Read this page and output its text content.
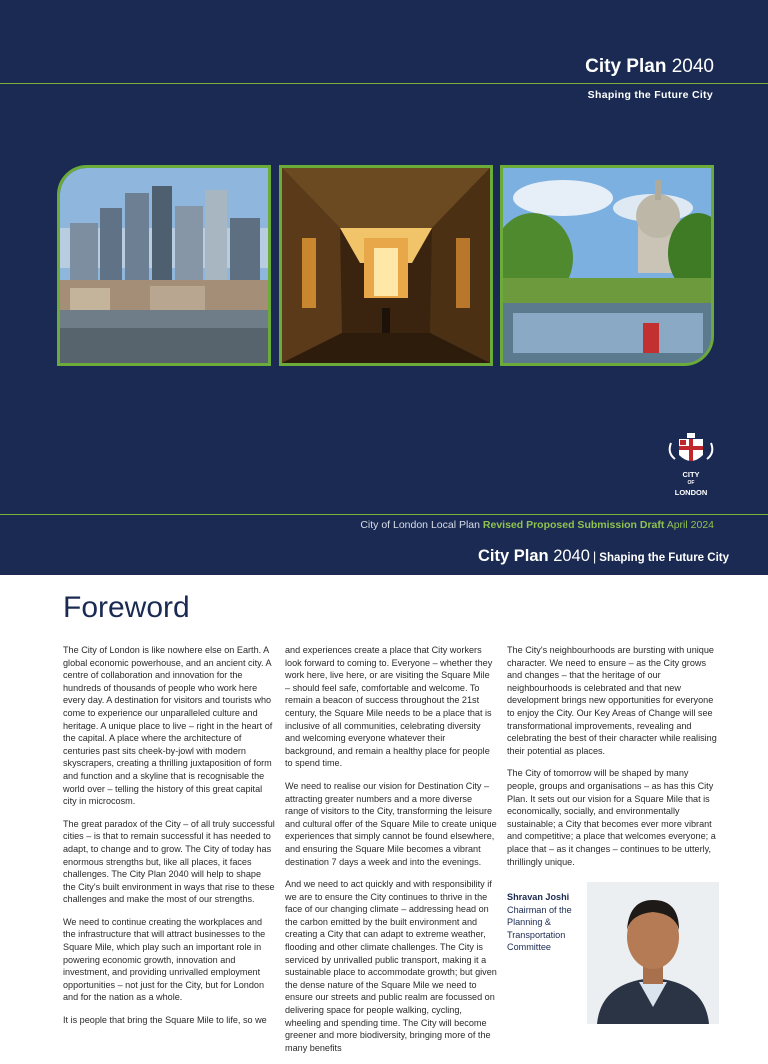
City Plan 2040
Shaping the Future City
CITY
OF
LONDON
City of London Local Plan Revised Proposed Submission Draft April 2024
City Plan 2040 | Shaping the Future City
Foreword

The City of London is like nowhere else on Earth. A global economic powerhouse, and an ancient city. A centre of collaboration and innovation for the hundreds of thousands of people who work here every day. A destination for visitors and tourists who come to experience our unparalleled culture and heritage. A unique place to live – right in the heart of the capital. A place where the architecture of centuries past sits cheek-by-jowl with modern skyscrapers, creating a thrilling juxtaposition of form and function and a skyline that is recognisable the world over – telling the history of this great capital city in microcosm.

The great paradox of the City – of all truly successful cities – is that to remain successful it has needed to adapt, to change and to grow. The City of today has enormous strengths but, like all places, it faces challenges. The City Plan 2040 will help to shape the City's built environment in ways that rise to these challenges and make the most of our strengths.

We need to continue creating the workplaces and the infrastructure that will attract businesses to the Square Mile, which play such an important role in powering economic growth, innovation and investment, and providing unrivalled employment opportunities – not just for the City, but for London and for the nation as a whole.

It is people that bring the Square Mile to life, so we

and experiences create a place that City workers look forward to coming to. Everyone – whether they work here, live here, or are visiting the Square Mile – should feel safe, comfortable and welcome. To remain a beacon of success throughout the 21st century, the Square Mile needs to be a place that is inclusive of all communities, celebrating diversity and welcoming everyone whatever their background, and remain a healthy place for people to spend time.

We need to realise our vision for Destination City – attracting greater numbers and a more diverse range of visitors to the City, transforming the leisure and cultural offer of the Square Mile to create unique experiences that simply cannot be found elsewhere, and ensuring the Square Mile becomes a vibrant destination 7 days a week and into the evenings.

And we need to act quickly and with responsibility if we are to ensure the City continues to thrive in the face of our changing climate – addressing head on the carbon emitted by the built environment and creating a City that can adapt to extreme weather, flooding and other climate challenges. The City is serviced by unrivalled public transport, making it a sustainable place to accommodate growth; but given the dense nature of the Square Mile we need to ensure our streets and public realm are focussed on delivering space for people walking, cycling, wheeling and spending time. The City will become greener and more biodiversity, bringing more of the many benefits

The City's neighbourhoods are bursting with unique character. We need to ensure – as the City grows and changes – that the heritage of our neighbourhoods is celebrated and that new development brings new opportunities for everyone to enjoy the City. Our Key Areas of Change will see transformational improvements, revealing and celebrating the best of their character while realising their potential as places.

The City of tomorrow will be shaped by many people, groups and organisations – as has this City Plan. It sets out our vision for a Square Mile that is economically, socially, and environmentally sustainable; a City that becomes ever more vibrant and competitive; a place that welcomes everyone; a place that – as it changes – continues to be utterly, thrillingly unique.

Shravan Joshi
Chairman of the Planning & Transportation Committee
